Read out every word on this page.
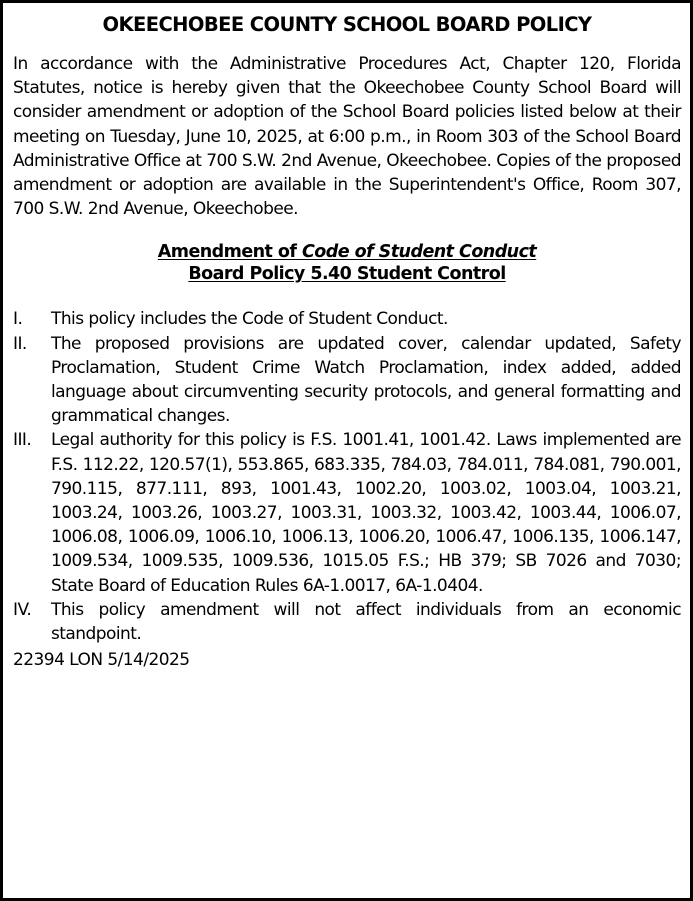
OKEECHOBEE COUNTY SCHOOL BOARD POLICY

In accordance with the Administrative Procedures Act, Chapter 120, Florida Statutes, notice is hereby given that the Okeechobee County School Board will consider amendment or adoption of the School Board policies listed below at their meeting on Tuesday, June 10, 2025, at 6:00 p.m., in Room 303 of the School Board Administrative Office at 700 S.W. 2nd Avenue, Okeechobee. Copies of the proposed amendment or adoption are available in the Superintendent's Office, Room 307, 700 S.W. 2nd Avenue, Okeechobee.

Amendment of Code of Student Conduct
Board Policy 5.40 Student Control
I.	This policy includes the Code of Student Conduct.
II.	The proposed provisions are updated cover, calendar updated, Safety Proclamation, Student Crime Watch Proclamation, index added, added language about circumventing security protocols, and general formatting and grammatical changes.
III.	Legal authority for this policy is F.S. 1001.41, 1001.42. Laws implemented are F.S. 112.22, 120.57(1), 553.865, 683.335, 784.03, 784.011, 784.081, 790.001, 790.115, 877.111, 893, 1001.43, 1002.20, 1003.02, 1003.04, 1003.21, 1003.24, 1003.26, 1003.27, 1003.31, 1003.32, 1003.42, 1003.44, 1006.07, 1006.08, 1006.09, 1006.10, 1006.13, 1006.20, 1006.47, 1006.135, 1006.147, 1009.534, 1009.535, 1009.536, 1015.05 F.S.; HB 379; SB 7026 and 7030; State Board of Education Rules 6A-1.0017, 6A-1.0404.
IV.	This policy amendment will not affect individuals from an economic standpoint.
22394 LON 5/14/2025
